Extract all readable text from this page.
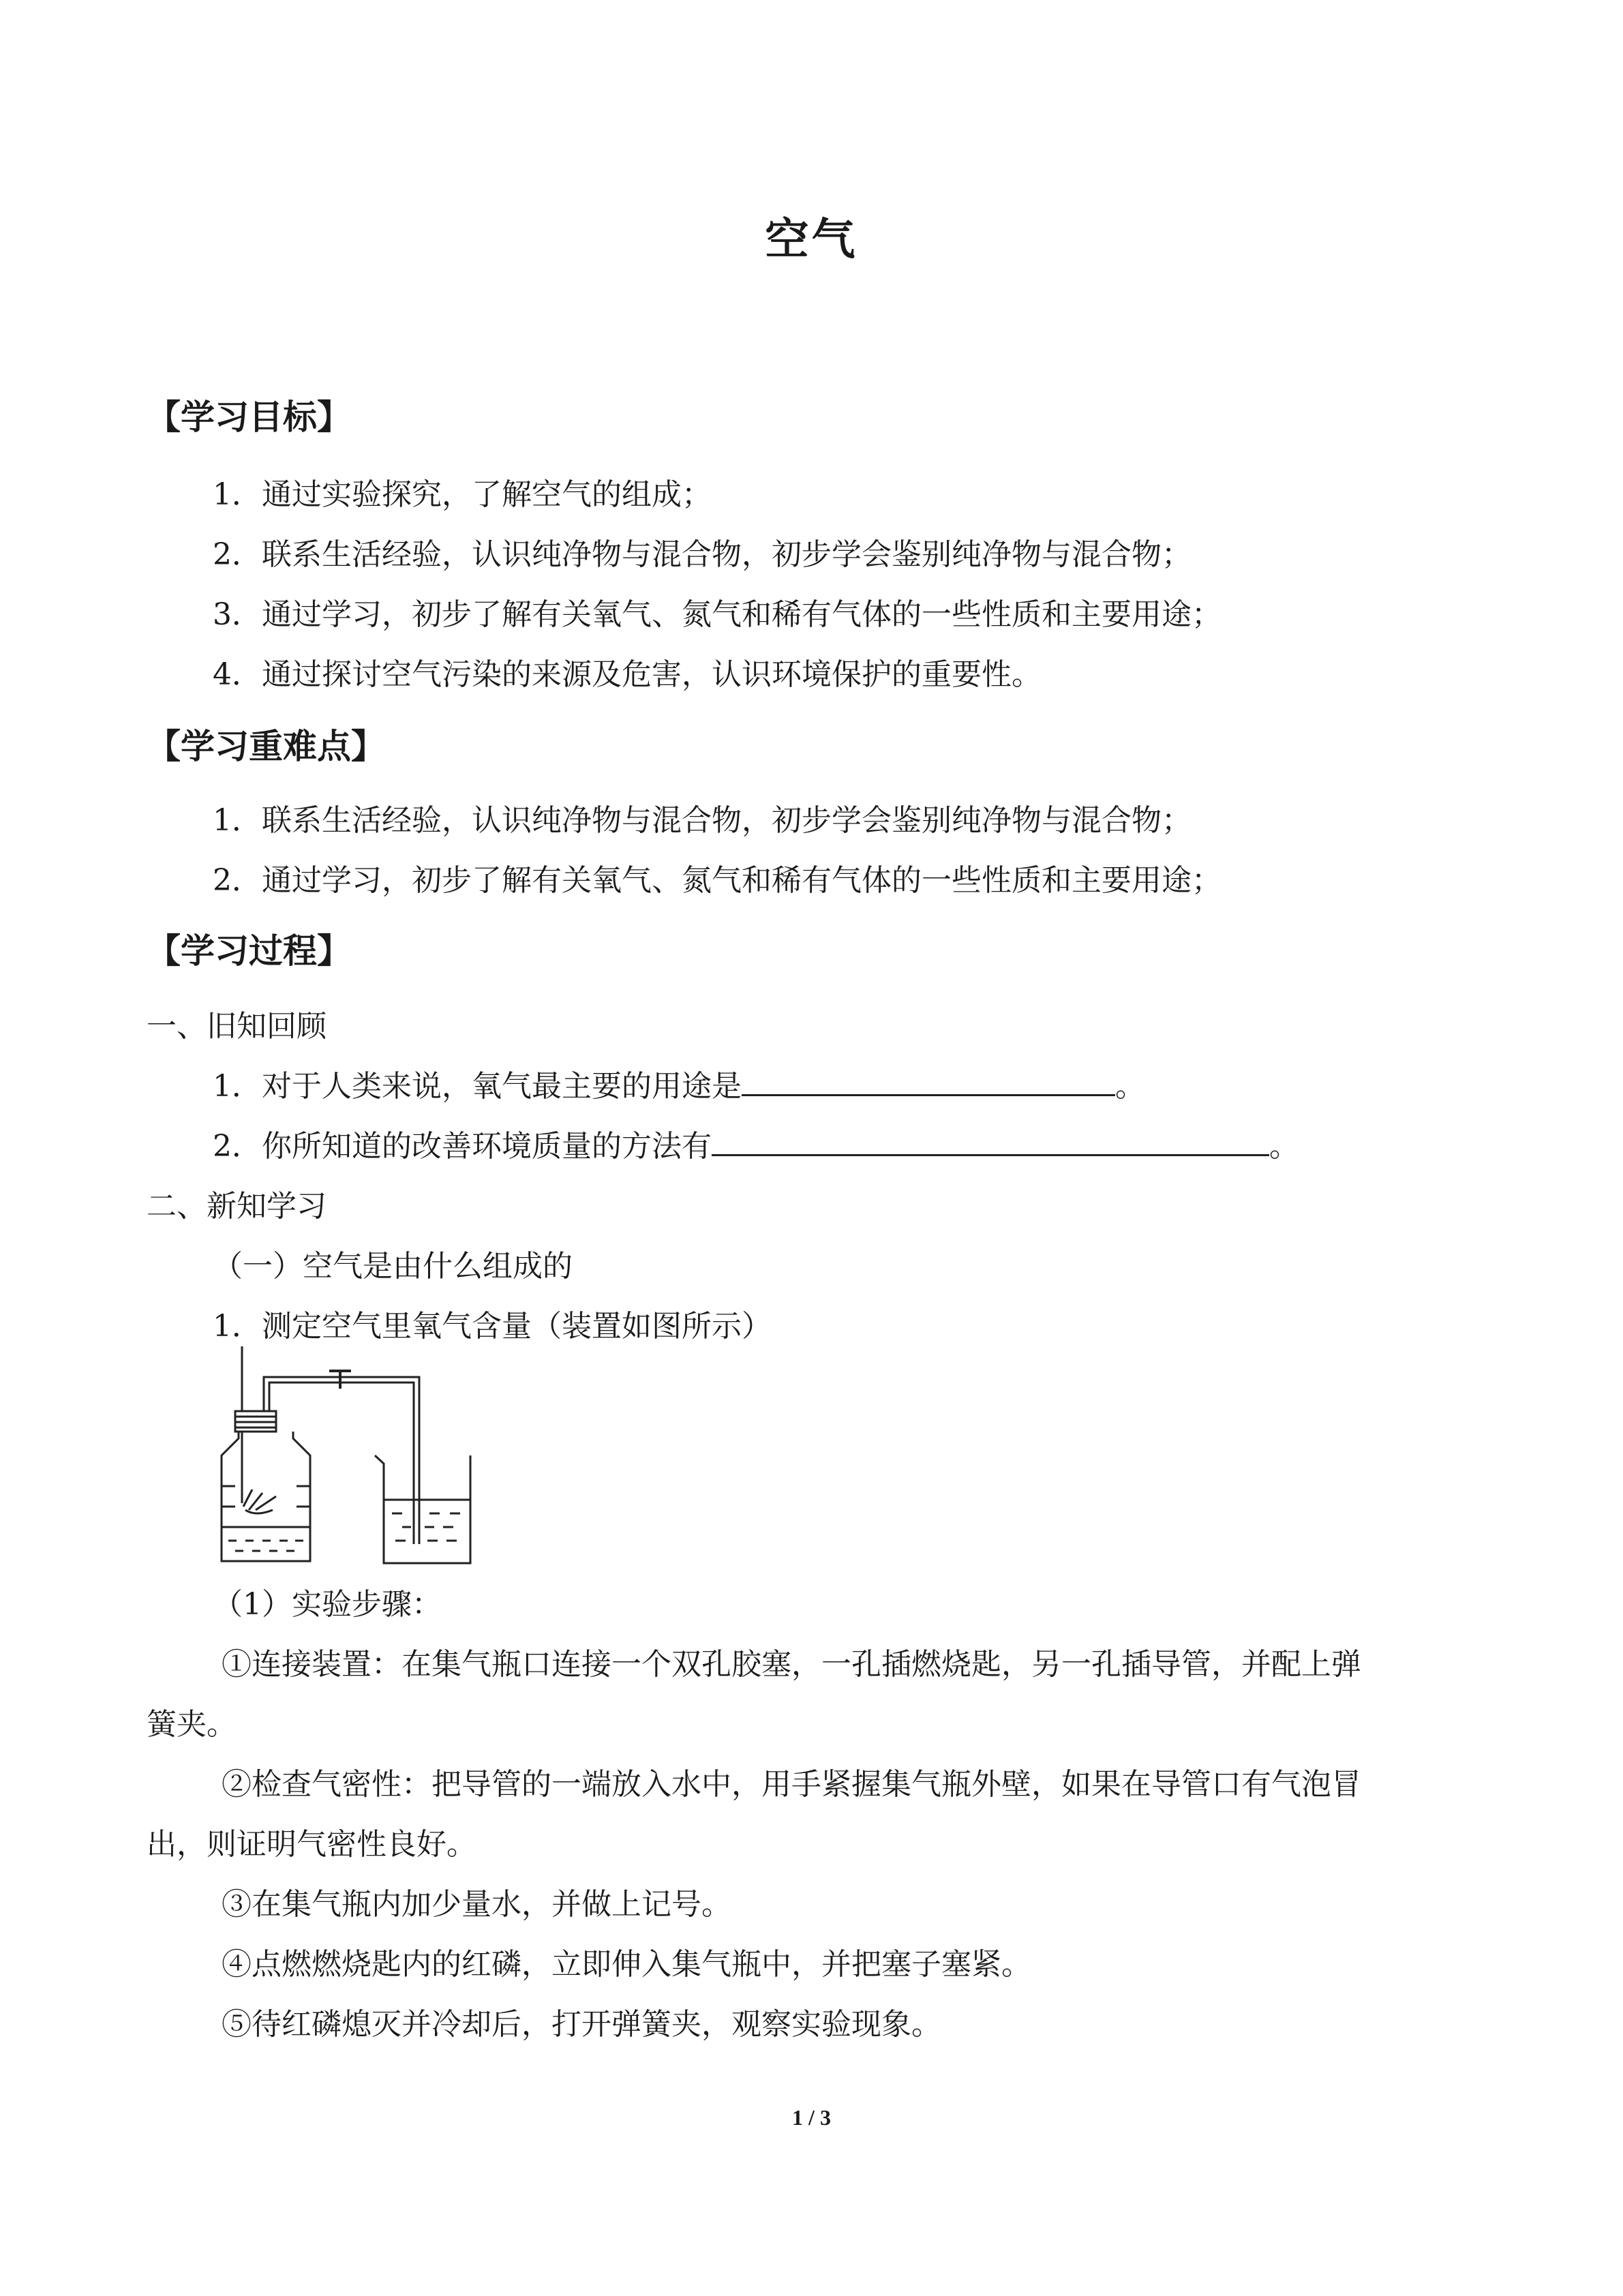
空气
【学习目标】
1．通过实验探究，了解空气的组成；
2．联系生活经验，认识纯净物与混合物，初步学会鉴别纯净物与混合物；
3．通过学习，初步了解有关氧气、氮气和稀有气体的一些性质和主要用途；
4．通过探讨空气污染的来源及危害，认识环境保护的重要性。
【学习重难点】
1．联系生活经验，认识纯净物与混合物，初步学会鉴别纯净物与混合物；
2．通过学习，初步了解有关氧气、氮气和稀有气体的一些性质和主要用途；
【学习过程】
一、旧知回顾
1．对于人类来说，氧气最主要的用途是	。
2．你所知道的改善环境质量的方法有	。
二、新知学习
（一）空气是由什么组成的
1．测定空气里氧气含量（装置如图所示）
（1）实验步骤：
①连接装置：在集气瓶口连接一个双孔胶塞，一孔插燃烧匙，另一孔插导管，并配上弹
簧夹。
②检查气密性：把导管的一端放入水中，用手紧握集气瓶外壁，如果在导管口有气泡冒
出，则证明气密性良好。
③在集气瓶内加少量水，并做上记号。
④点燃燃烧匙内的红磷，立即伸入集气瓶中，并把塞子塞紧。
⑤待红磷熄灭并冷却后，打开弹簧夹，观察实验现象。
1 / 3
